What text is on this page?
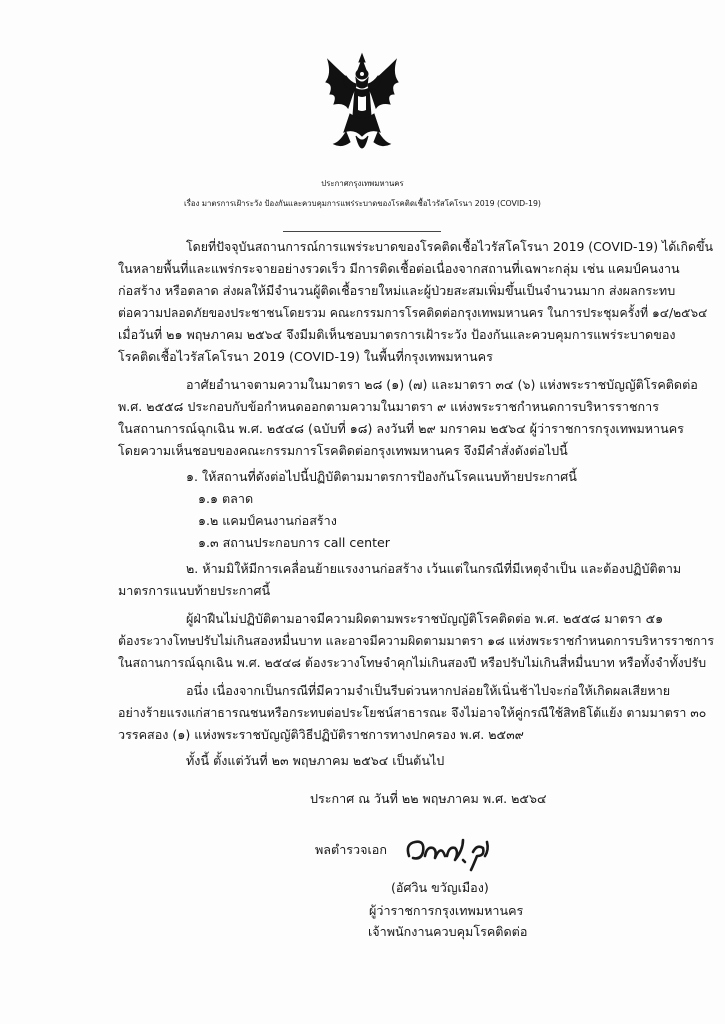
ประกาศกรุงเทพมหานคร
เรื่อง มาตรการเฝ้าระวัง ป้องกันและควบคุมการแพร่ระบาดของโรคติดเชื้อไวรัสโคโรนา 2019 (COVID-19)
โดยที่ปัจจุบันสถานการณ์การแพร่ระบาดของโรคติดเชื้อไวรัสโคโรนา 2019 (COVID-19) ได้เกิดขึ้น
ในหลายพื้นที่และแพร่กระจายอย่างรวดเร็ว มีการติดเชื้อต่อเนื่องจากสถานที่เฉพาะกลุ่ม เช่น แคมป์คนงาน
ก่อสร้าง หรือตลาด ส่งผลให้มีจำนวนผู้ติดเชื้อรายใหม่และผู้ป่วยสะสมเพิ่มขึ้นเป็นจำนวนมาก ส่งผลกระทบ
ต่อความปลอดภัยของประชาชนโดยรวม คณะกรรมการโรคติดต่อกรุงเทพมหานคร ในการประชุมครั้งที่ ๑๔/๒๕๖๔
เมื่อวันที่ ๒๑ พฤษภาคม ๒๕๖๔ จึงมีมติเห็นชอบมาตรการเฝ้าระวัง ป้องกันและควบคุมการแพร่ระบาดของ
โรคติดเชื้อไวรัสโคโรนา 2019 (COVID-19) ในพื้นที่กรุงเทพมหานคร
อาศัยอำนาจตามความในมาตรา ๒๘ (๑) (๗) และมาตรา ๓๔ (๖) แห่งพระราชบัญญัติโรคติดต่อ
พ.ศ. ๒๕๕๘ ประกอบกับข้อกำหนดออกตามความในมาตรา ๙ แห่งพระราชกำหนดการบริหารราชการ
ในสถานการณ์ฉุกเฉิน พ.ศ. ๒๕๔๘ (ฉบับที่ ๑๘) ลงวันที่ ๒๙ มกราคม ๒๕๖๔ ผู้ว่าราชการกรุงเทพมหานคร
โดยความเห็นชอบของคณะกรรมการโรคติดต่อกรุงเทพมหานคร จึงมีคำสั่งดังต่อไปนี้
๑. ให้สถานที่ดังต่อไปนี้ปฏิบัติตามมาตรการป้องกันโรคแนบท้ายประกาศนี้
๑.๑ ตลาด
๑.๒ แคมป์คนงานก่อสร้าง
๑.๓ สถานประกอบการ call center
๒. ห้ามมิให้มีการเคลื่อนย้ายแรงงานก่อสร้าง เว้นแต่ในกรณีที่มีเหตุจำเป็น และต้องปฏิบัติตาม
มาตรการแนบท้ายประกาศนี้
ผู้ฝ่าฝืนไม่ปฏิบัติตามอาจมีความผิดตามพระราชบัญญัติโรคติดต่อ พ.ศ. ๒๕๕๘ มาตรา ๕๑
ต้องระวางโทษปรับไม่เกินสองหมื่นบาท และอาจมีความผิดตามมาตรา ๑๘ แห่งพระราชกำหนดการบริหารราชการ
ในสถานการณ์ฉุกเฉิน พ.ศ. ๒๕๔๘ ต้องระวางโทษจำคุกไม่เกินสองปี หรือปรับไม่เกินสี่หมื่นบาท หรือทั้งจำทั้งปรับ
อนึ่ง เนื่องจากเป็นกรณีที่มีความจำเป็นรีบด่วนหากปล่อยให้เนิ่นช้าไปจะก่อให้เกิดผลเสียหาย
อย่างร้ายแรงแก่สาธารณชนหรือกระทบต่อประโยชน์สาธารณะ จึงไม่อาจให้คู่กรณีใช้สิทธิโต้แย้ง ตามมาตรา ๓๐
วรรคสอง (๑) แห่งพระราชบัญญัติวิธีปฏิบัติราชการทางปกครอง พ.ศ. ๒๕๓๙
ทั้งนี้ ตั้งแต่วันที่ ๒๓ พฤษภาคม ๒๕๖๔ เป็นต้นไป
ประกาศ ณ วันที่ ๒๒ พฤษภาคม พ.ศ. ๒๕๖๔
พลตำรวจเอก
(อัศวิน ขวัญเมือง)
ผู้ว่าราชการกรุงเทพมหานคร
เจ้าพนักงานควบคุมโรคติดต่อ
